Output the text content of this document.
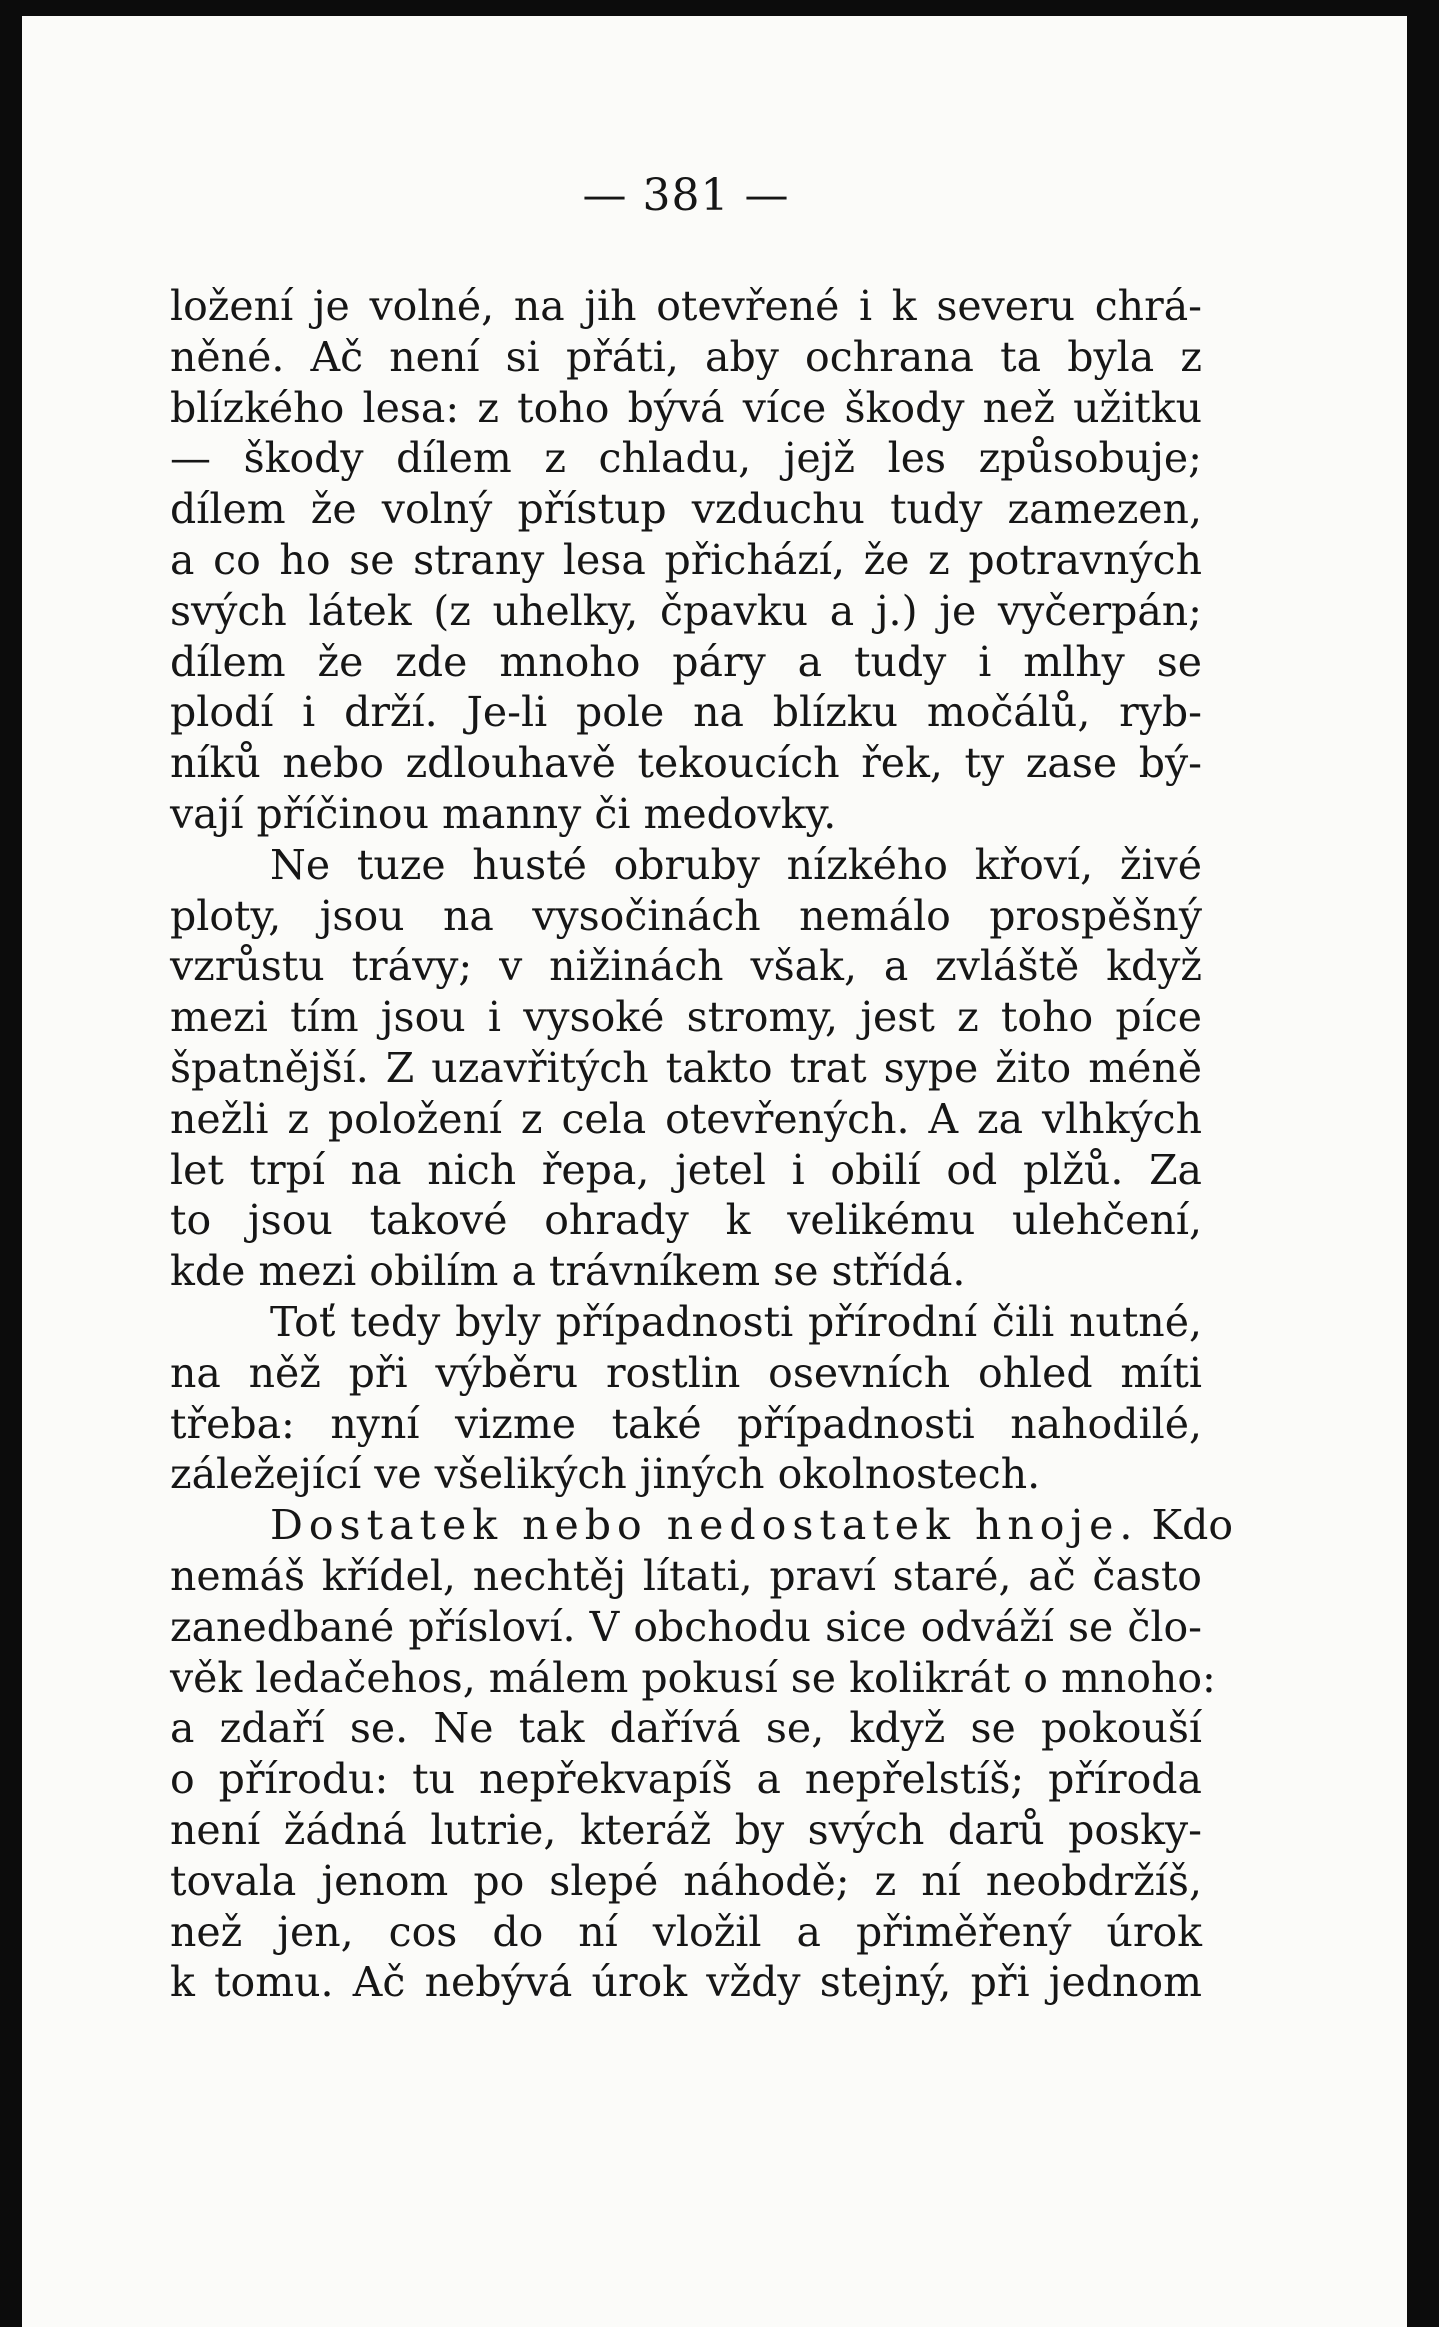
— 381 —
ložení je volné, na jih otevřené i k severu chrá-
něné. Ač není si přáti, aby ochrana ta byla z
blízkého lesa: z toho bývá více škody než užitku
— škody dílem z chladu, jejž les způsobuje;
dílem že volný přístup vzduchu tudy zamezen,
a co ho se strany lesa přichází, že z potravných
svých látek (z uhelky, čpavku a j.) je vyčerpán;
dílem že zde mnoho páry a tudy i mlhy se
plodí i drží. Je-li pole na blízku močálů, ryb-
níků nebo zdlouhavě tekoucích řek, ty zase bý-
vají příčinou manny či medovky.
Ne tuze husté obruby nízkého křoví, živé
ploty, jsou na vysočinách nemálo prospěšný
vzrůstu trávy; v nižinách však, a zvláště když
mezi tím jsou i vysoké stromy, jest z toho píce
špatnější. Z uzavřitých takto trat sype žito méně
nežli z položení z cela otevřených. A za vlhkých
let trpí na nich řepa, jetel i obilí od plžů. Za
to jsou takové ohrady k velikému ulehčení,
kde mezi obilím a trávníkem se střídá.
Toť tedy byly případnosti přírodní čili nutné,
na něž při výběru rostlin osevních ohled míti
třeba: nyní vizme také případnosti nahodilé,
záležející ve všelikých jiných okolnostech.
Dostatek nebo nedostatek hnoje. Kdo
nemáš křídel, nechtěj lítati, praví staré, ač často
zanedbané přísloví. V obchodu sice odváží se člo-
věk ledačehos, málem pokusí se kolikrát o mnoho:
a zdaří se. Ne tak dařívá se, když se pokouší
o přírodu: tu nepřekvapíš a nepřelstíš; příroda
není žádná lutrie, kteráž by svých darů posky-
tovala jenom po slepé náhodě; z ní neobdržíš,
než jen, cos do ní vložil a přiměřený úrok
k tomu. Ač nebývá úrok vždy stejný, při jednom
